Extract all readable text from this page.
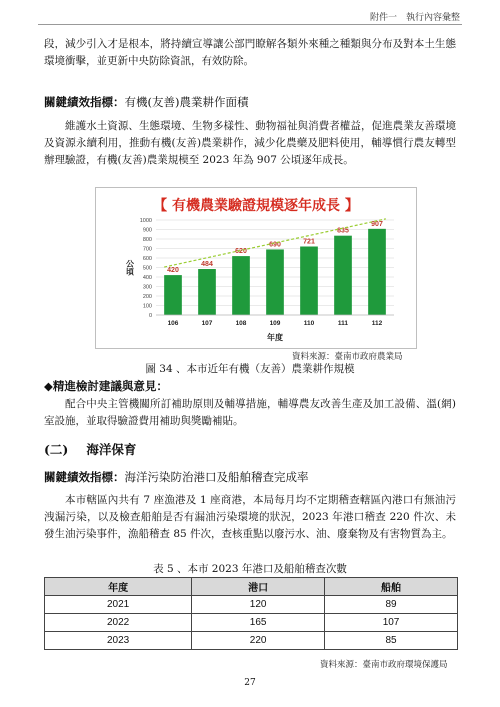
附件一　執行內容彙整

段，減少引入才是根本，將持續宣導讓公部門瞭解各類外來種之種類與分布及對本土生態環境衝擊，並更新中央防除資訊，有效防除。

關鍵績效指標：有機(友善)農業耕作面積

維護水土資源、生態環境、生物多樣性、動物福祉與消費者權益，促進農業友善環境及資源永續利用，推動有機(友善)農業耕作，減少化農藥及肥料使用，輔導慣行農友轉型辦理驗證，有機(友善)農業規模至 2023 年為 907 公頃逐年成長。

【 有機農業驗證規模逐年成長 】
0
100
200
300
400
500
600
700
800
900
1000
公頃	420
106
484
107
620
108
690
109
721
110
835
111
907
112
年度
資料來源：臺南市政府農業局
圖 34 、本市近年有機（友善）農業耕作規模
◆精進檢討建議與意見：

配合中央主管機關所訂補助原則及輔導措施，輔導農友改善生產及加工設備、溫(網)室設施，並取得驗證費用補助與獎勵補貼。

(二) 海洋保育
關鍵績效指標：海洋污染防治港口及船舶稽查完成率

本市轄區內共有 7 座漁港及 1 座商港，本局每月均不定期稽查轄區內港口有無油污洩漏污染，以及檢查船舶是否有漏油污染環境的狀況，2023 年港口稽查 220 件次、未發生油污染事件，漁船稽查 85 件次，查核重點以廢污水、油、廢棄物及有害物質為主。

表 5 、本市 2023 年港口及船舶稽查次數
年度	港口	船舶
2021	120	89
2022	165	107
2023	220	85
資料來源：臺南市政府環境保護局
27
